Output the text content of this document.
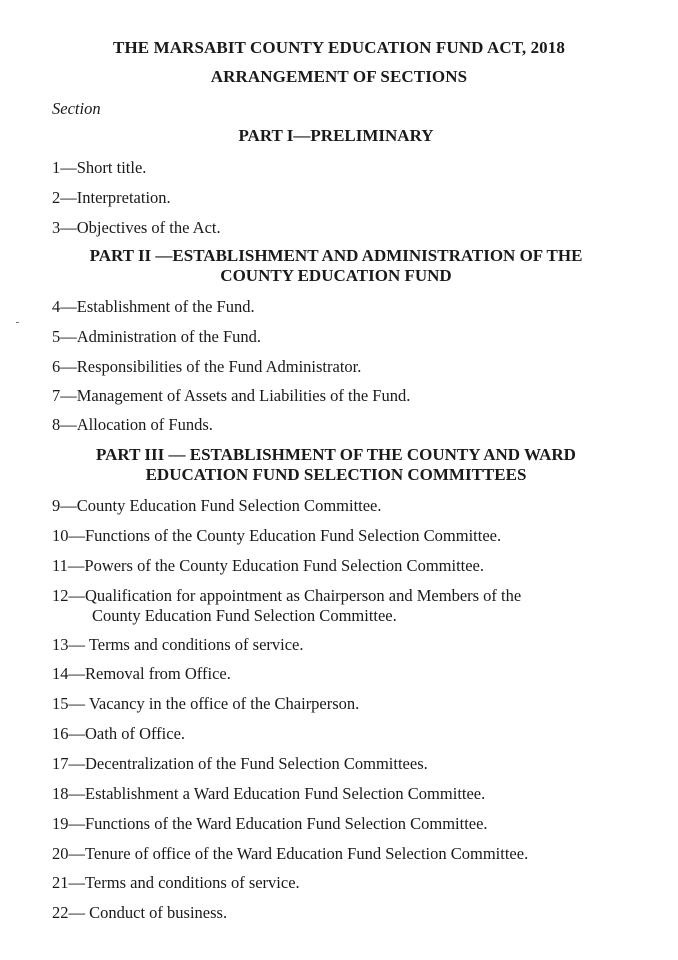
THE MARSABIT COUNTY EDUCATION FUND ACT, 2018
ARRANGEMENT OF SECTIONS
Section
PART I—PRELIMINARY
1—Short title.
2—Interpretation.
3—Objectives of the Act.
PART II —ESTABLISHMENT AND ADMINISTRATION OF THE
COUNTY EDUCATION FUND
4—Establishment of the Fund.
5—Administration of the Fund.
6—Responsibilities of the Fund Administrator.
7—Management of Assets and Liabilities of the Fund.
8—Allocation of Funds.
PART III — ESTABLISHMENT OF THE COUNTY AND WARD
EDUCATION FUND SELECTION COMMITTEES
9—County Education Fund Selection Committee.
10—Functions of the County Education Fund Selection Committee.
11—Powers of the County Education Fund Selection Committee.
12—Qualification for appointment as Chairperson and Members of the
County Education Fund Selection Committee.
13— Terms and conditions of service.
14—Removal from Office.
15— Vacancy in the office of the Chairperson.
16—Oath of Office.
17—Decentralization of the Fund Selection Committees.
18—Establishment a Ward Education Fund Selection Committee.
19—Functions of the Ward Education Fund Selection Committee.
20—Tenure of office of the Ward Education Fund Selection Committee.
21—Terms and conditions of service.
22— Conduct of business.
